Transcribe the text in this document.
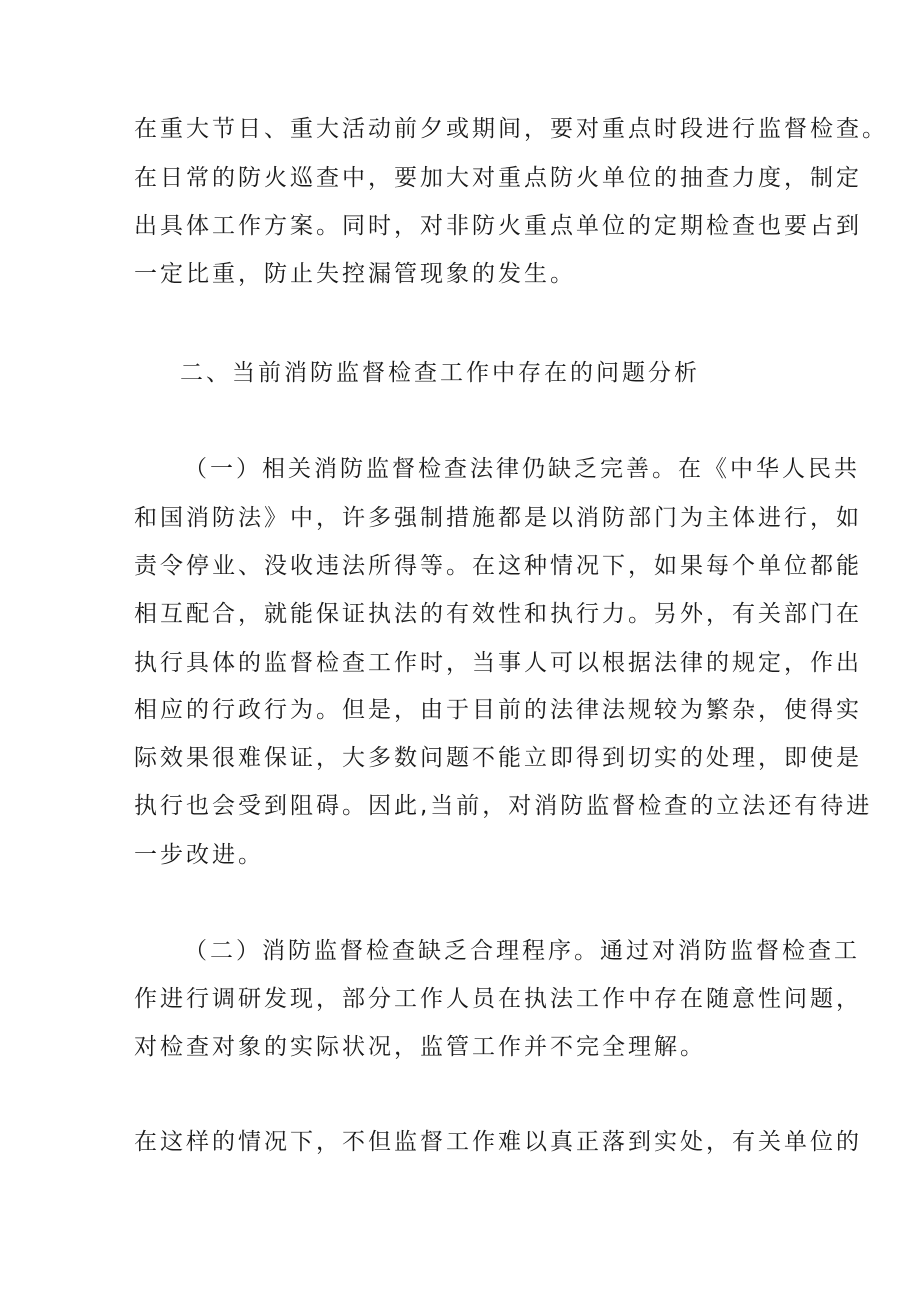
在重大节日、重大活动前夕或期间，要对重点时段进行监督检查。
在日常的防火巡查中，要加大对重点防火单位的抽查力度，制定
出具体工作方案。同时，对非防火重点单位的定期检查也要占到
一定比重，防止失控漏管现象的发生。
二、当前消防监督检查工作中存在的问题分析
（一）相关消防监督检查法律仍缺乏完善。在《中华人民共
和国消防法》中，许多强制措施都是以消防部门为主体进行，如
责令停业、没收违法所得等。在这种情况下，如果每个单位都能
相互配合，就能保证执法的有效性和执行力。另外，有关部门在
执行具体的监督检查工作时，当事人可以根据法律的规定，作出
相应的行政行为。但是，由于目前的法律法规较为繁杂，使得实
际效果很难保证，大多数问题不能立即得到切实的处理，即使是
执行也会受到阻碍。因此,当前，对消防监督检查的立法还有待进
一步改进。
（二）消防监督检查缺乏合理程序。通过对消防监督检查工
作进行调研发现，部分工作人员在执法工作中存在随意性问题，
对检查对象的实际状况，监管工作并不完全理解。
在这样的情况下，不但监督工作难以真正落到实处，有关单位的
